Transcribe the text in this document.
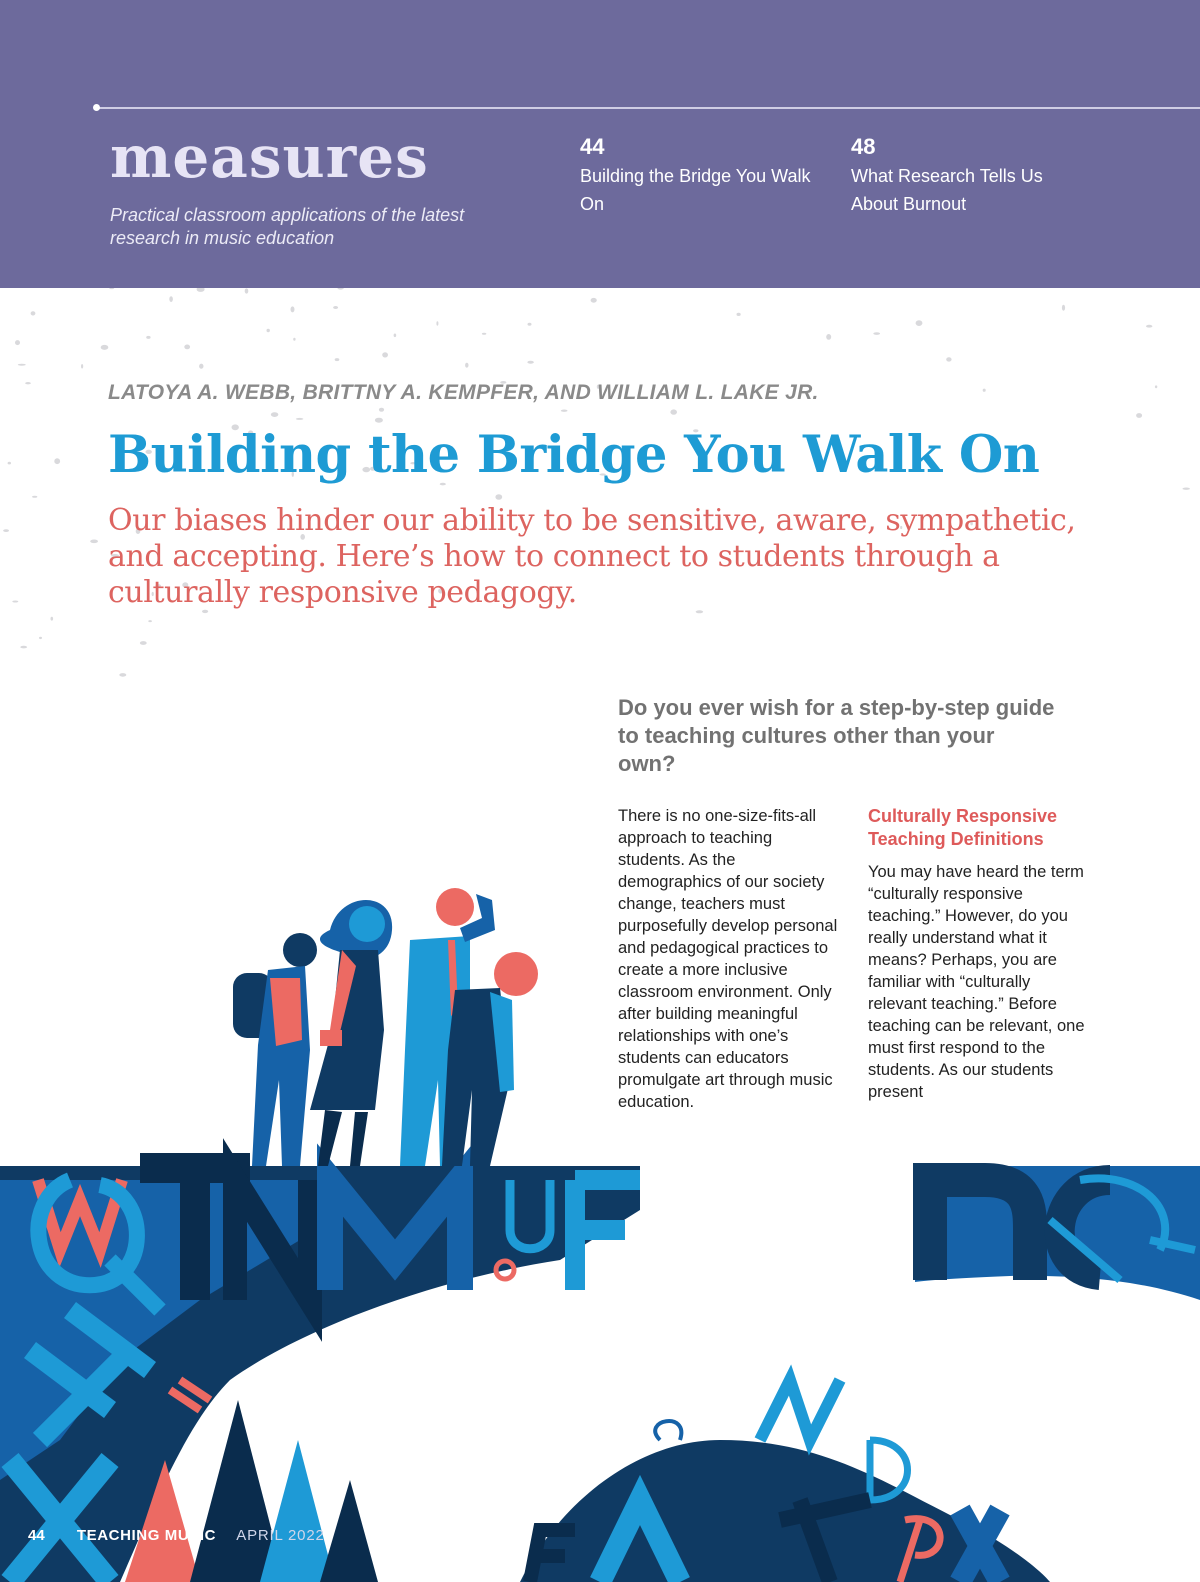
measures
Practical classroom applications of the latest research in music education
44
Building the Bridge You Walk On
48
What Research Tells Us About Burnout
LATOYA A. WEBB, BRITTNY A. KEMPFER, AND WILLIAM L. LAKE JR.
Building the Bridge You Walk On

Our biases hinder our ability to be sensitive, aware, sympathetic, and accepting. Here’s how to connect to students through a culturally responsive pedagogy.

Do you ever wish for a step-by-step guide to teaching cultures other than your own?

There is no one-size-fits-all approach to teaching students. As the demographics of our society change, teachers must purposefully develop personal and pedagogical practices to create a more inclusive classroom environment. Only after building meaningful relationships with one’s students can educators promulgate art through music education.

Culturally Responsive Teaching Definitions

You may have heard the term “culturally responsive teaching.” However, do you really understand what it means? Perhaps, you are familiar with “culturally relevant teaching.” Before teaching can be relevant, one must first respond to the students. As our students present

44 TEACHING MUSIC APRIL 2022
